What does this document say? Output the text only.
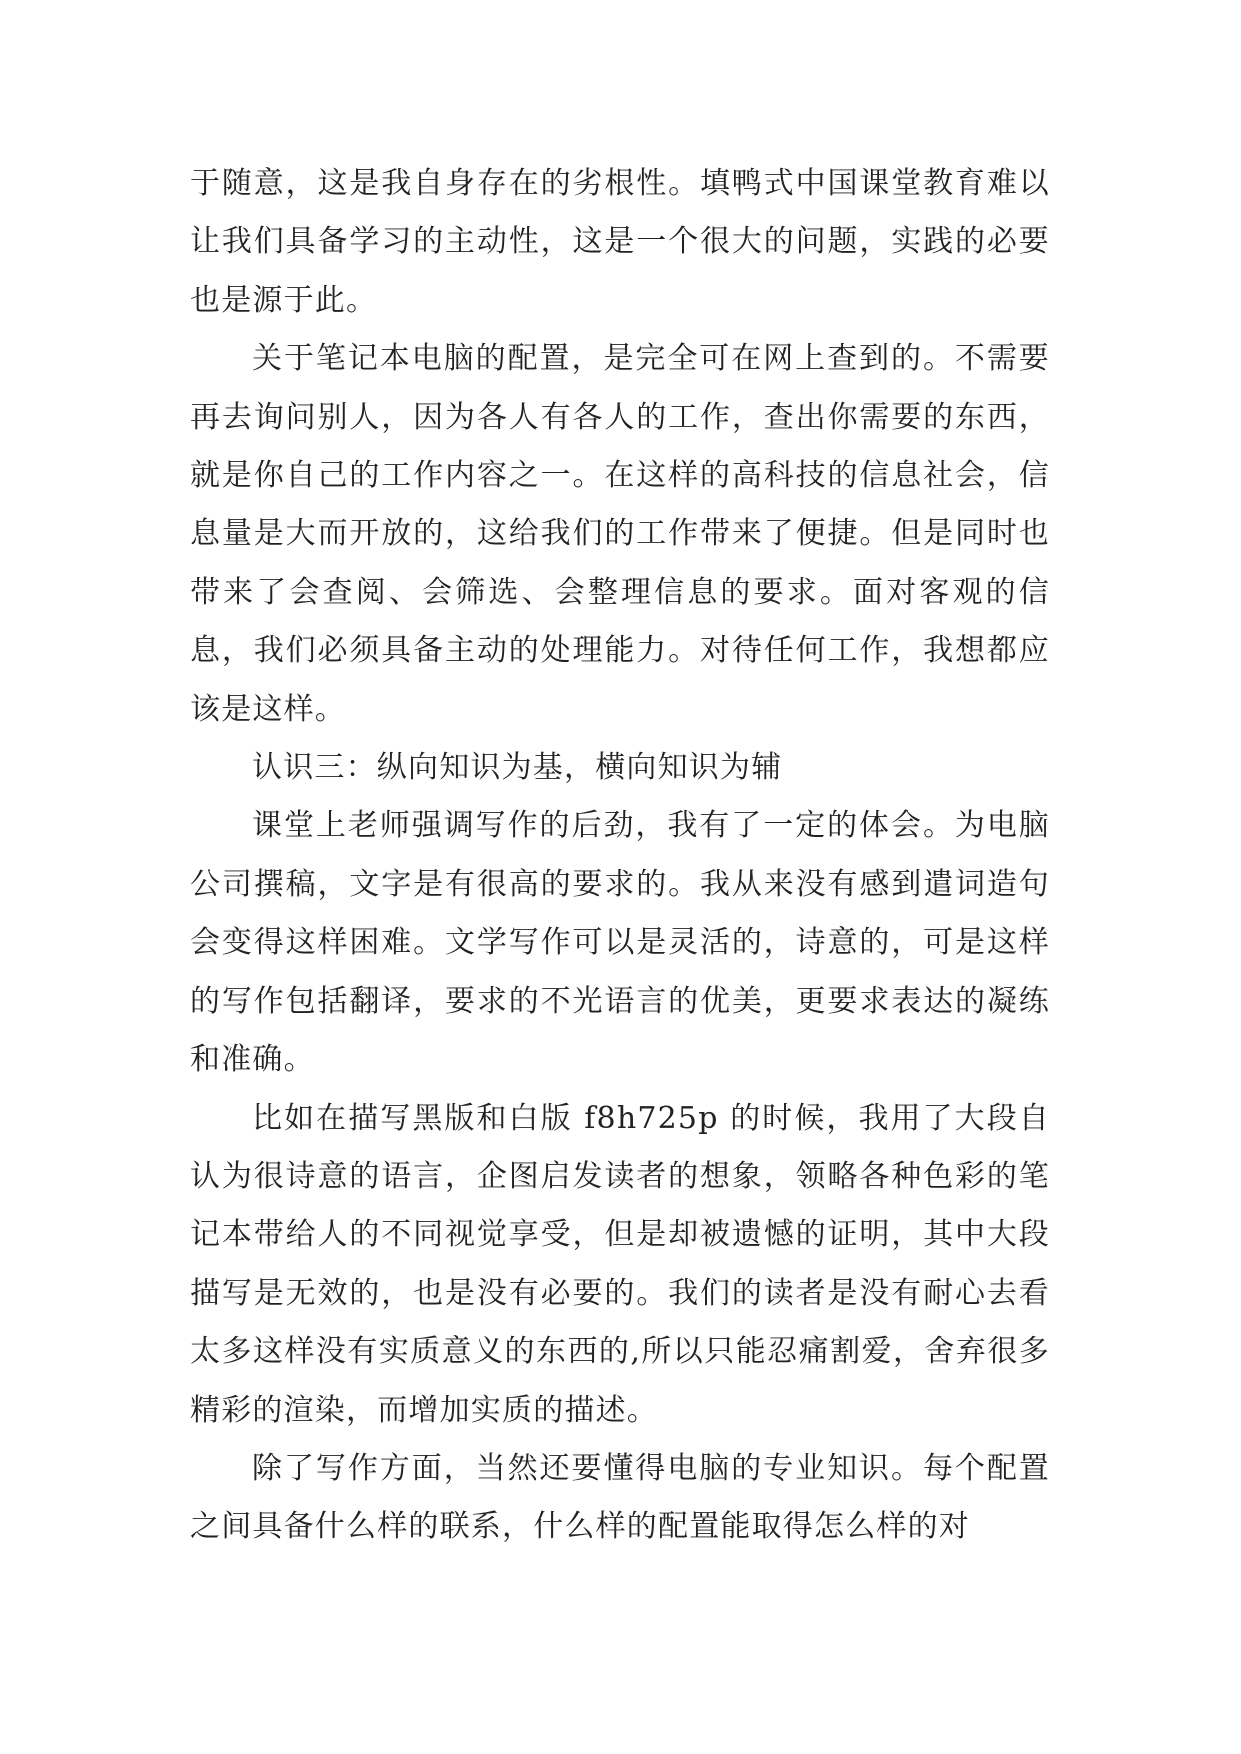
于随意，这是我自身存在的劣根性。填鸭式中国课堂教育难以让我们具备学习的主动性，这是一个很大的问题，实践的必要也是源于此。

关于笔记本电脑的配置，是完全可在网上查到的。不需要再去询问别人，因为各人有各人的工作，查出你需要的东西，就是你自己的工作内容之一。在这样的高科技的信息社会，信息量是大而开放的，这给我们的工作带来了便捷。但是同时也带来了会查阅、会筛选、会整理信息的要求。面对客观的信息，我们必须具备主动的处理能力。对待任何工作，我想都应该是这样。

认识三：纵向知识为基，横向知识为辅

课堂上老师强调写作的后劲，我有了一定的体会。为电脑公司撰稿，文字是有很高的要求的。我从来没有感到遣词造句会变得这样困难。文学写作可以是灵活的，诗意的，可是这样的写作包括翻译，要求的不光语言的优美，更要求表达的凝练和准确。

比如在描写黑版和白版 f8h725p 的时候，我用了大段自认为很诗意的语言，企图启发读者的想象，领略各种色彩的笔记本带给人的不同视觉享受，但是却被遗憾的证明，其中大段描写是无效的，也是没有必要的。我们的读者是没有耐心去看太多这样没有实质意义的东西的,所以只能忍痛割爱，舍弃很多精彩的渲染，而增加实质的描述。

除了写作方面，当然还要懂得电脑的专业知识。每个配置之间具备什么样的联系，什么样的配置能取得怎么样的对
